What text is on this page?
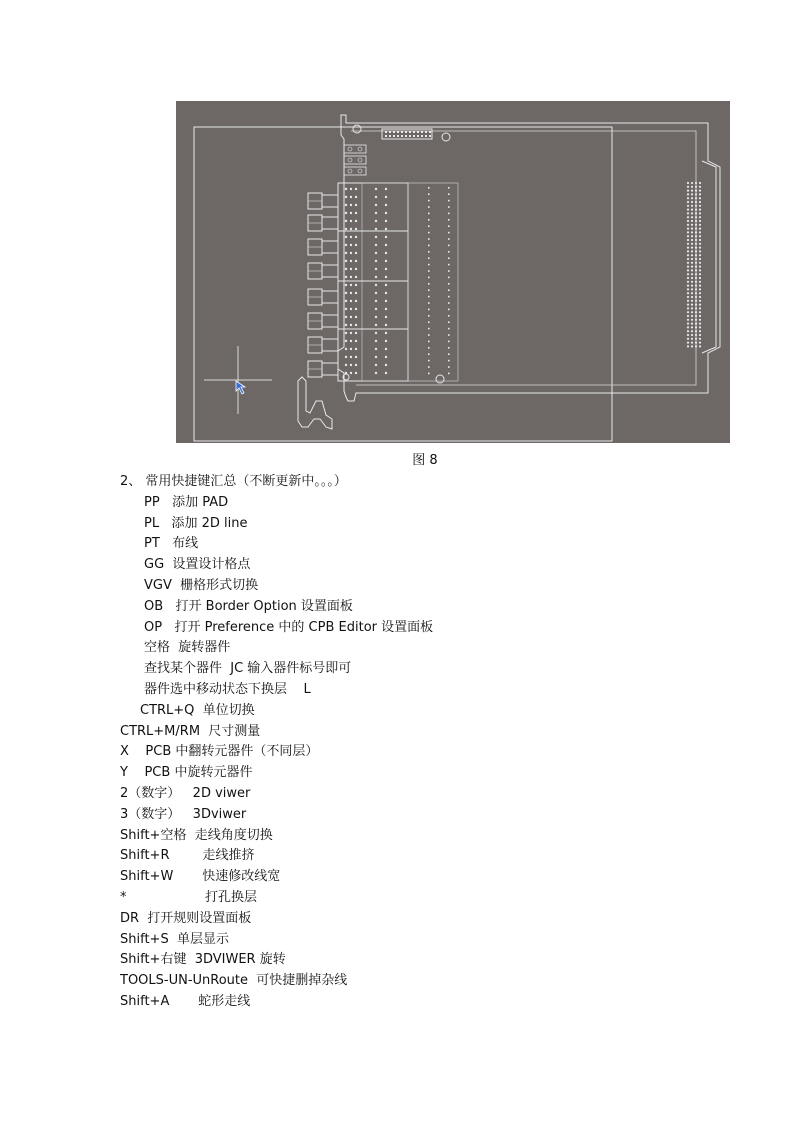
图 8
2、 常用快捷键汇总（不断更新中。。。）
PP   添加 PAD
PL   添加 2D line
PT   布线
GG  设置设计格点
VGV  栅格形式切换
OB   打开 Border Option 设置面板
OP   打开 Preference 中的 CPB Editor 设置面板
空格  旋转器件
查找某个器件  JC 输入器件标号即可
器件选中移动状态下换层    L
CTRL+Q  单位切换
CTRL+M/RM  尺寸测量
X    PCB 中翻转元器件（不同层）
Y    PCB 中旋转元器件
2（数字）   2D viwer
3（数字）   3Dviwer
Shift+空格  走线角度切换
Shift+R        走线推挤
Shift+W       快速修改线宽
*                   打孔换层
DR  打开规则设置面板
Shift+S  单层显示
Shift+右键  3DVIWER 旋转
TOOLS-UN-UnRoute  可快捷删掉杂线
Shift+A       蛇形走线
